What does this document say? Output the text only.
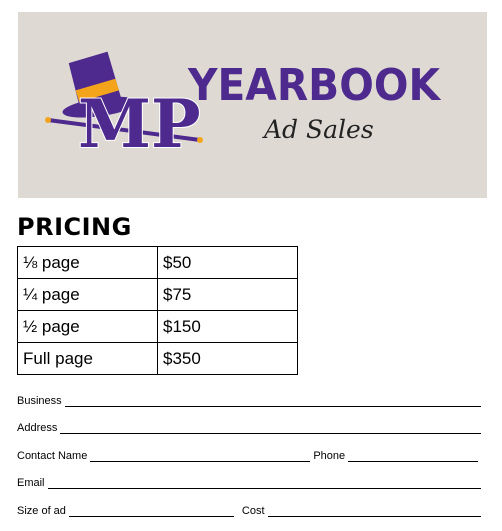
MP
YEARBOOK
Ad Sales
PRICING
⅛ page	$50
¼ page	$75
½ page	$150
Full page	$350
Business
Address
Contact Name	Phone
Email
Size of ad	Cost
